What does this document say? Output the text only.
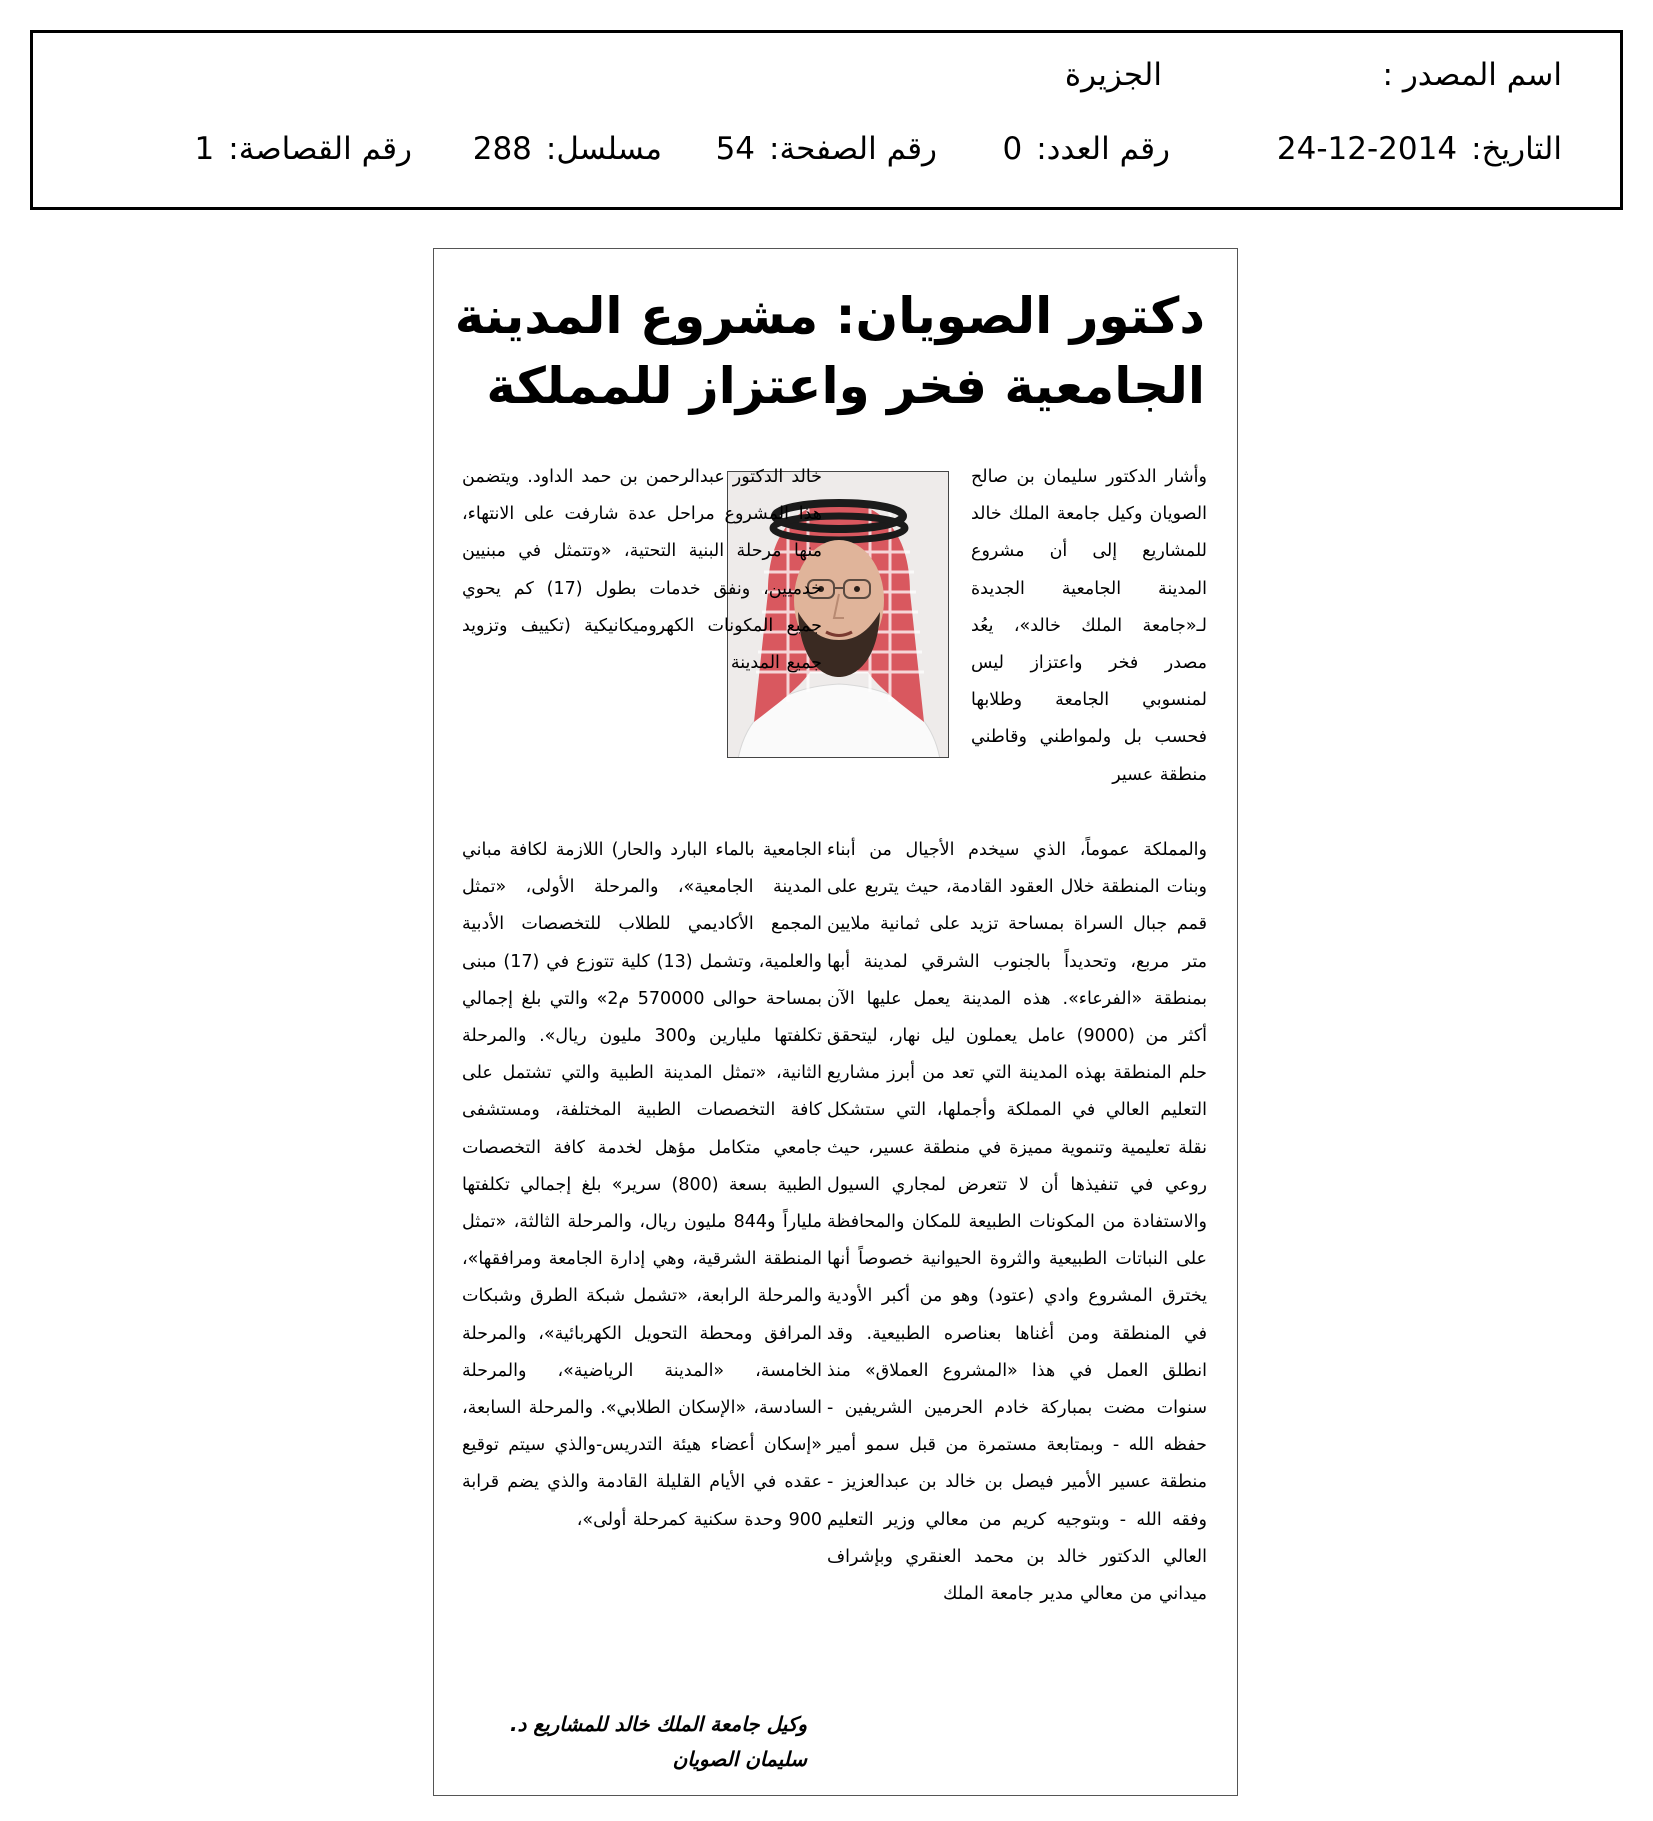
اسم المصدر :
الجزيرة
التاريخ:2014-12-24
رقم العدد:0
رقم الصفحة:54
مسلسل:288
رقم القصاصة:1
دكتور الصويان: مشروع المدينة
الجامعية فخر واعتزاز للمملكة

وأشار الدكتور سليمان بن صالح الصويان وكيل جامعة الملك خالد للمشاريع إلى أن مشروع المدينة الجامعية الجديدة لـ«جامعة الملك خالد»، يعُد مصدر فخر واعتزاز ليس لمنسوبي الجامعة وطلابها فحسب بل ولمواطني وقاطني منطقة عسير

والمملكة عموماً، الذي سيخدم الأجيال من أبناء وبنات المنطقة خلال العقود القادمة، حيث يتربع على قمم جبال السراة بمساحة تزيد على ثمانية ملايين متر مربع، وتحديداً بالجنوب الشرقي لمدينة أبها بمنطقة «الفرعاء». هذه المدينة يعمل عليها الآن أكثر من (9000) عامل يعملون ليل نهار، ليتحقق حلم المنطقة بهذه المدينة التي تعد من أبرز مشاريع التعليم العالي في المملكة وأجملها، التي ستشكل نقلة تعليمية وتنموية مميزة في منطقة عسير، حيث روعي في تنفيذها أن لا تتعرض لمجاري السيول والاستفادة من المكونات الطبيعة للمكان والمحافظة على النباتات الطبيعية والثروة الحيوانية خصوصاً أنها يخترق المشروع وادي (عتود) وهو من أكبر الأودية في المنطقة ومن أغناها بعناصره الطبيعية. وقد انطلق العمل في هذا «المشروع العملاق» منذ سنوات مضت بمباركة خادم الحرمين الشريفين - حفظه الله - وبمتابعة مستمرة من قبل سمو أمير منطقة عسير الأمير فيصل بن خالد بن عبدالعزيز - وفقه الله - وبتوجيه كريم من معالي وزير التعليم العالي الدكتور خالد بن محمد العنقري وبإشراف ميداني من معالي مدير جامعة الملك

خالد الدكتور عبدالرحمن بن حمد الداود. ويتضمن هذا المشروع مراحل عدة شارفت على الانتهاء، منها مرحلة البنية التحتية، «وتتمثل في مبنيين خدميين، ونفق خدمات بطول (17) كم يحوي جميع المكونات الكهروميكانيكية (تكييف وتزويد جميع المدينة

الجامعية بالماء البارد والحار) اللازمة لكافة مباني المدينة الجامعية»، والمرحلة الأولى، «تمثل المجمع الأكاديمي للطلاب للتخصصات الأدبية والعلمية، وتشمل (13) كلية تتوزع في (17) مبنى بمساحة حوالى 570000 م2» والتي بلغ إجمالي تكلفتها مليارين و300 مليون ريال». والمرحلة الثانية، «تمثل المدينة الطبية والتي تشتمل على كافة التخصصات الطبية المختلفة، ومستشفى جامعي متكامل مؤهل لخدمة كافة التخصصات الطبية بسعة (800) سرير» بلغ إجمالي تكلفتها ملياراً و844 مليون ريال، والمرحلة الثالثة، «تمثل المنطقة الشرقية، وهي إدارة الجامعة ومرافقها»، والمرحلة الرابعة، «تشمل شبكة الطرق وشبكات المرافق ومحطة التحويل الكهربائية»، والمرحلة الخامسة، «المدينة الرياضية»، والمرحلة السادسة، «الإسكان الطلابي». والمرحلة السابعة، «إسكان أعضاء هيئة التدريس-والذي سيتم توقيع عقده في الأيام القليلة القادمة والذي يضم قرابة 900 وحدة سكنية كمرحلة أولى»،

وكيل جامعة الملك خالد للمشاريع د.
سليمان الصويان
